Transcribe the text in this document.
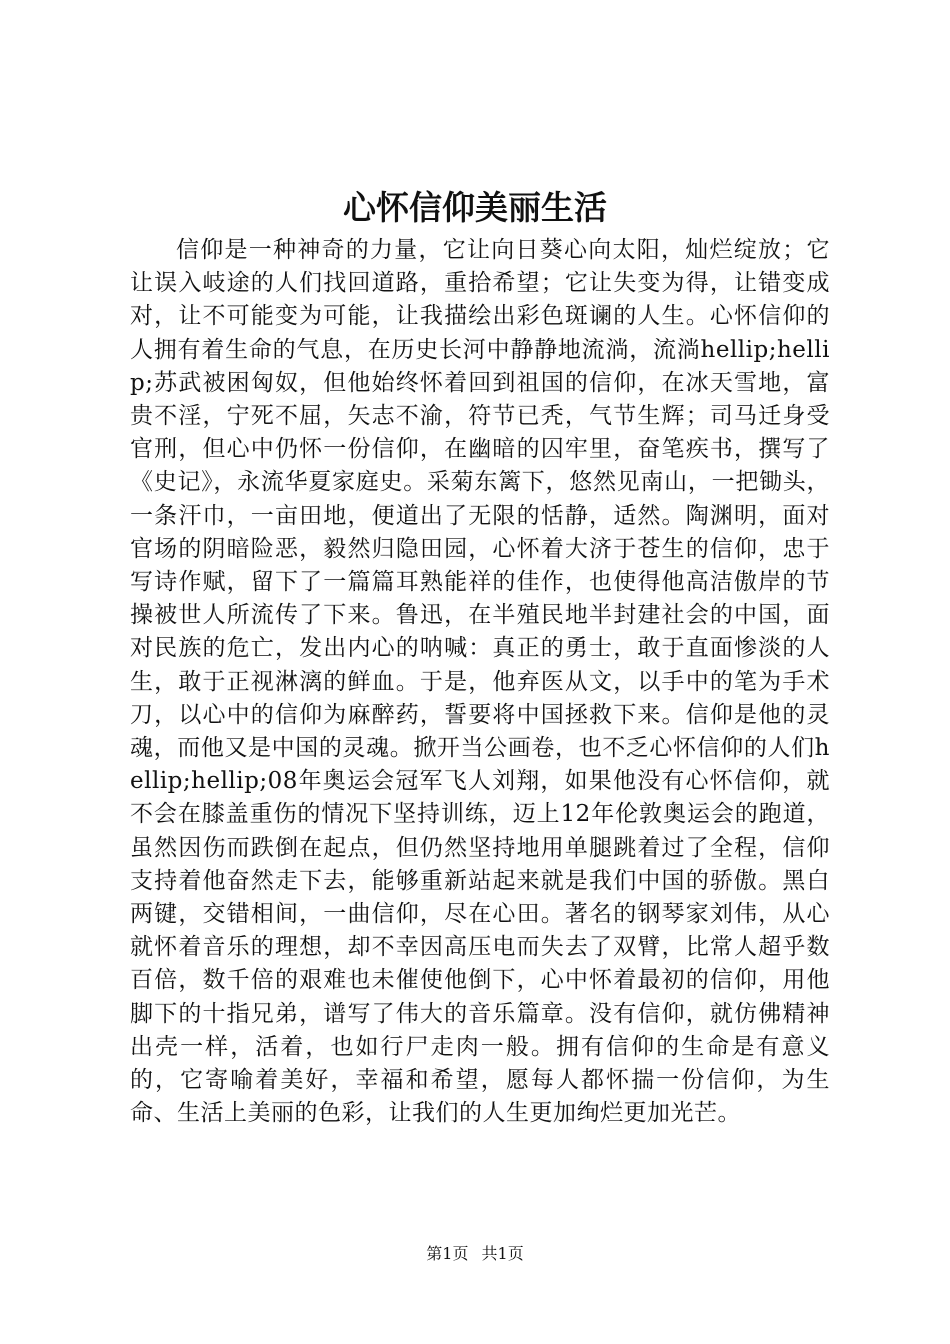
心怀信仰美丽生活

信仰是一种神奇的力量，它让向日葵心向太阳，灿烂绽放；它让误入岐途的人们找回道路，重拾希望；它让失变为得，让错变成对，让不可能变为可能，让我描绘出彩色斑谰的人生。心怀信仰的人拥有着生命的气息，在历史长河中静静地流淌，流淌hellip;hellip;苏武被困匈奴，但他始终怀着回到祖国的信仰，在冰天雪地，富贵不淫，宁死不屈，矢志不渝，符节已秃，气节生辉；司马迁身受官刑，但心中仍怀一份信仰，在幽暗的囚牢里，奋笔疾书，撰写了《史记》，永流华夏家庭史。采菊东篱下，悠然见南山，一把锄头，一条汗巾，一亩田地，便道出了无限的恬静，适然。陶渊明，面对官场的阴暗险恶，毅然归隐田园，心怀着大济于苍生的信仰，忠于写诗作赋，留下了一篇篇耳熟能祥的佳作，也使得他高洁傲岸的节操被世人所流传了下来。鲁迅，在半殖民地半封建社会的中国，面对民族的危亡，发出内心的呐喊：真正的勇士，敢于直面惨淡的人生，敢于正视淋漓的鲜血。于是，他弃医从文，以手中的笔为手术刀，以心中的信仰为麻醉药，誓要将中国拯救下来。信仰是他的灵魂，而他又是中国的灵魂。掀开当公画卷，也不乏心怀信仰的人们hellip;hellip;08年奥运会冠军飞人刘翔，如果他没有心怀信仰，就不会在膝盖重伤的情况下坚持训练，迈上12年伦敦奥运会的跑道，虽然因伤而跌倒在起点，但仍然坚持地用单腿跳着过了全程，信仰支持着他奋然走下去，能够重新站起来就是我们中国的骄傲。黑白两键，交错相间，一曲信仰，尽在心田。著名的钢琴家刘伟，从心就怀着音乐的理想，却不幸因高压电而失去了双臂，比常人超乎数百倍，数千倍的艰难也未催使他倒下，心中怀着最初的信仰，用他脚下的十指兄弟，谱写了伟大的音乐篇章。没有信仰，就仿佛精神出壳一样，活着，也如行尸走肉一般。拥有信仰的生命是有意义的，它寄喻着美好，幸福和希望，愿每人都怀揣一份信仰，为生命、生活上美丽的色彩，让我们的人生更加绚烂更加光芒。

第1页 共1页
